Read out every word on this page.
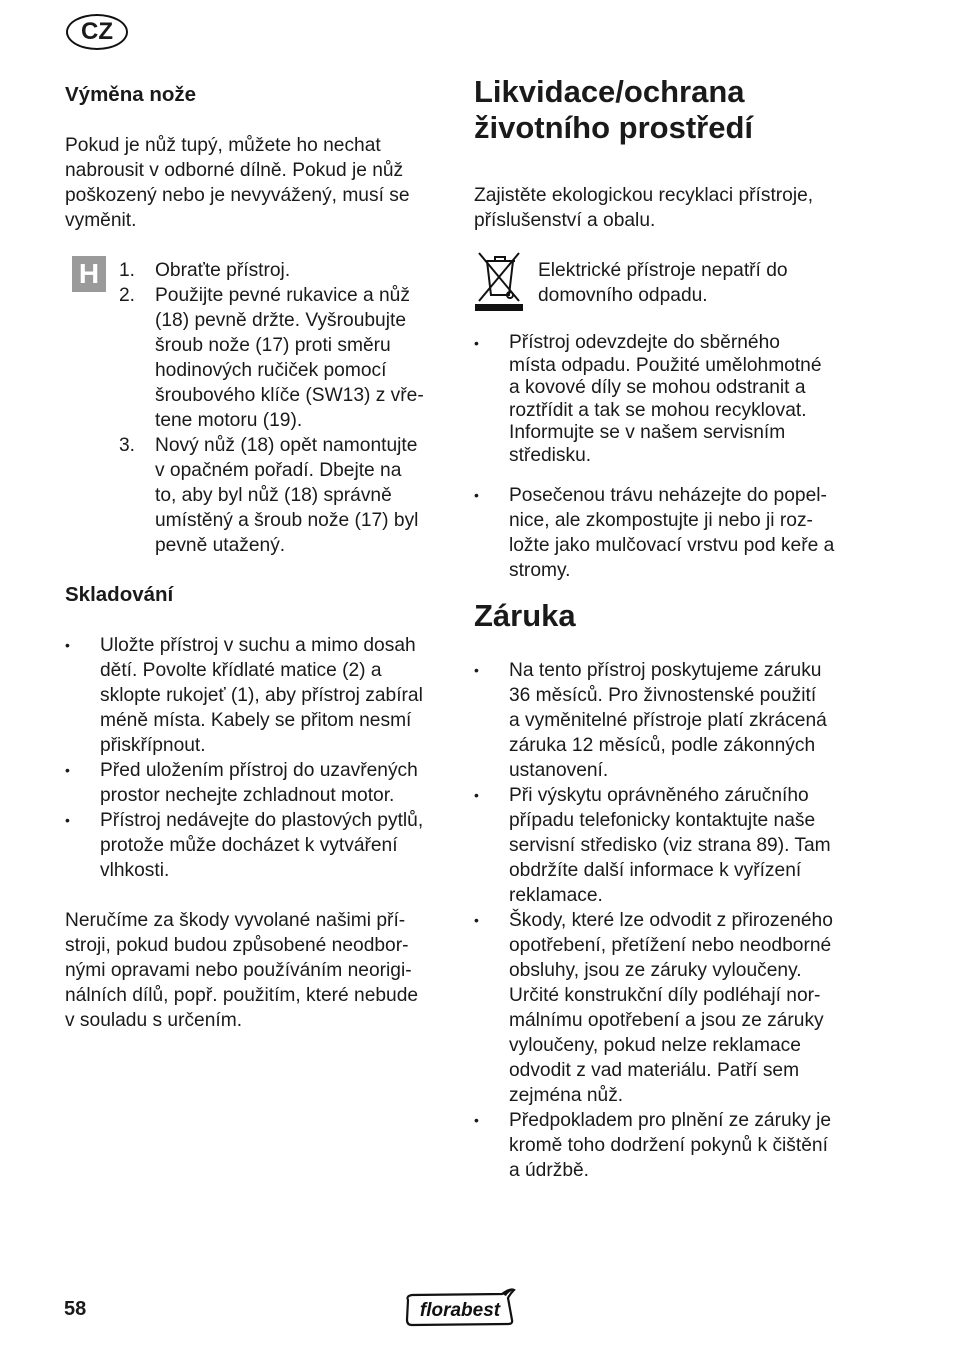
CZ
Výměna nože

Pokud je nůž tupý, můžete ho nechat
nabrousit v odborné dílně. Pokud je nůž
poškozený nebo je nevyvážený, musí se
vyměnit.

H	1. Obraťte přístroj.
2. Použijte pevné rukavice a nůž
(18) pevně držte. Vyšroubujte
šroub nože (17) proti směru
hodinových ručiček pomocí
šroubového klíče (SW13) z vře-
tene motoru (19).
3. Nový nůž (18) opět namontujte
v opačném pořadí. Dbejte na
to, aby byl nůž (18) správně
umístěný a šroub nože (17) byl
pevně utažený.
Skladování
• Uložte přístroj v suchu a mimo dosah
dětí. Povolte křídlaté matice (2) a
sklopte rukojeť (1), aby přístroj zabíral
méně místa. Kabely se přitom nesmí
přiskřípnout.
• Před uložením přístroj do uzavřených
prostor nechejte zchladnout motor.
• Přístroj nedávejte do plastových pytlů,
protože může docházet k vytváření
vlhkosti.

Neručíme za škody vyvolané našimi pří-
stroji, pokud budou způsobené neodbor-
nými opravami nebo používáním neorigi-
nálních dílů, popř. použitím, které nebude
v souladu s určením.

Likvidace/ochrana
životního prostředí

Zajistěte ekologickou recyklaci přístroje,
příslušenství a obalu.

Elektrické přístroje nepatří do
domovního odpadu.

• Přístroj odevzdejte do sběrného
místa odpadu. Použité umělohmotné
a kovové díly se mohou odstranit a
roztřídit a tak se mohou recyklovat.
Informujte se v našem servisním
středisku.
• Posečenou trávu neházejte do popel-
nice, ale zkompostujte ji nebo ji roz-
ložte jako mulčovací vrstvu pod keře a
stromy.
Záruka
• Na tento přístroj poskytujeme záruku
36 měsíců. Pro živnostenské použití
a vyměnitelné přístroje platí zkrácená
záruka 12 měsíců, podle zákonných
ustanovení.
• Při výskytu oprávněného záručního
případu telefonicky kontaktujte naše
servisní středisko (viz strana 89). Tam
obdržíte další informace k vyřízení
reklamace.
• Škody, které lze odvodit z přirozeného
opotřebení, přetížení nebo neodborné
obsluhy, jsou ze záruky vyloučeny.
Určité konstrukční díly podléhají nor-
málnímu opotřebení a jsou ze záruky
vyloučeny, pokud nelze reklamace
odvodit z vad materiálu. Patří sem
zejména nůž.
• Předpokladem pro plnění ze záruky je
kromě toho dodržení pokynů k čištění
a údržbě.
58	florabest
